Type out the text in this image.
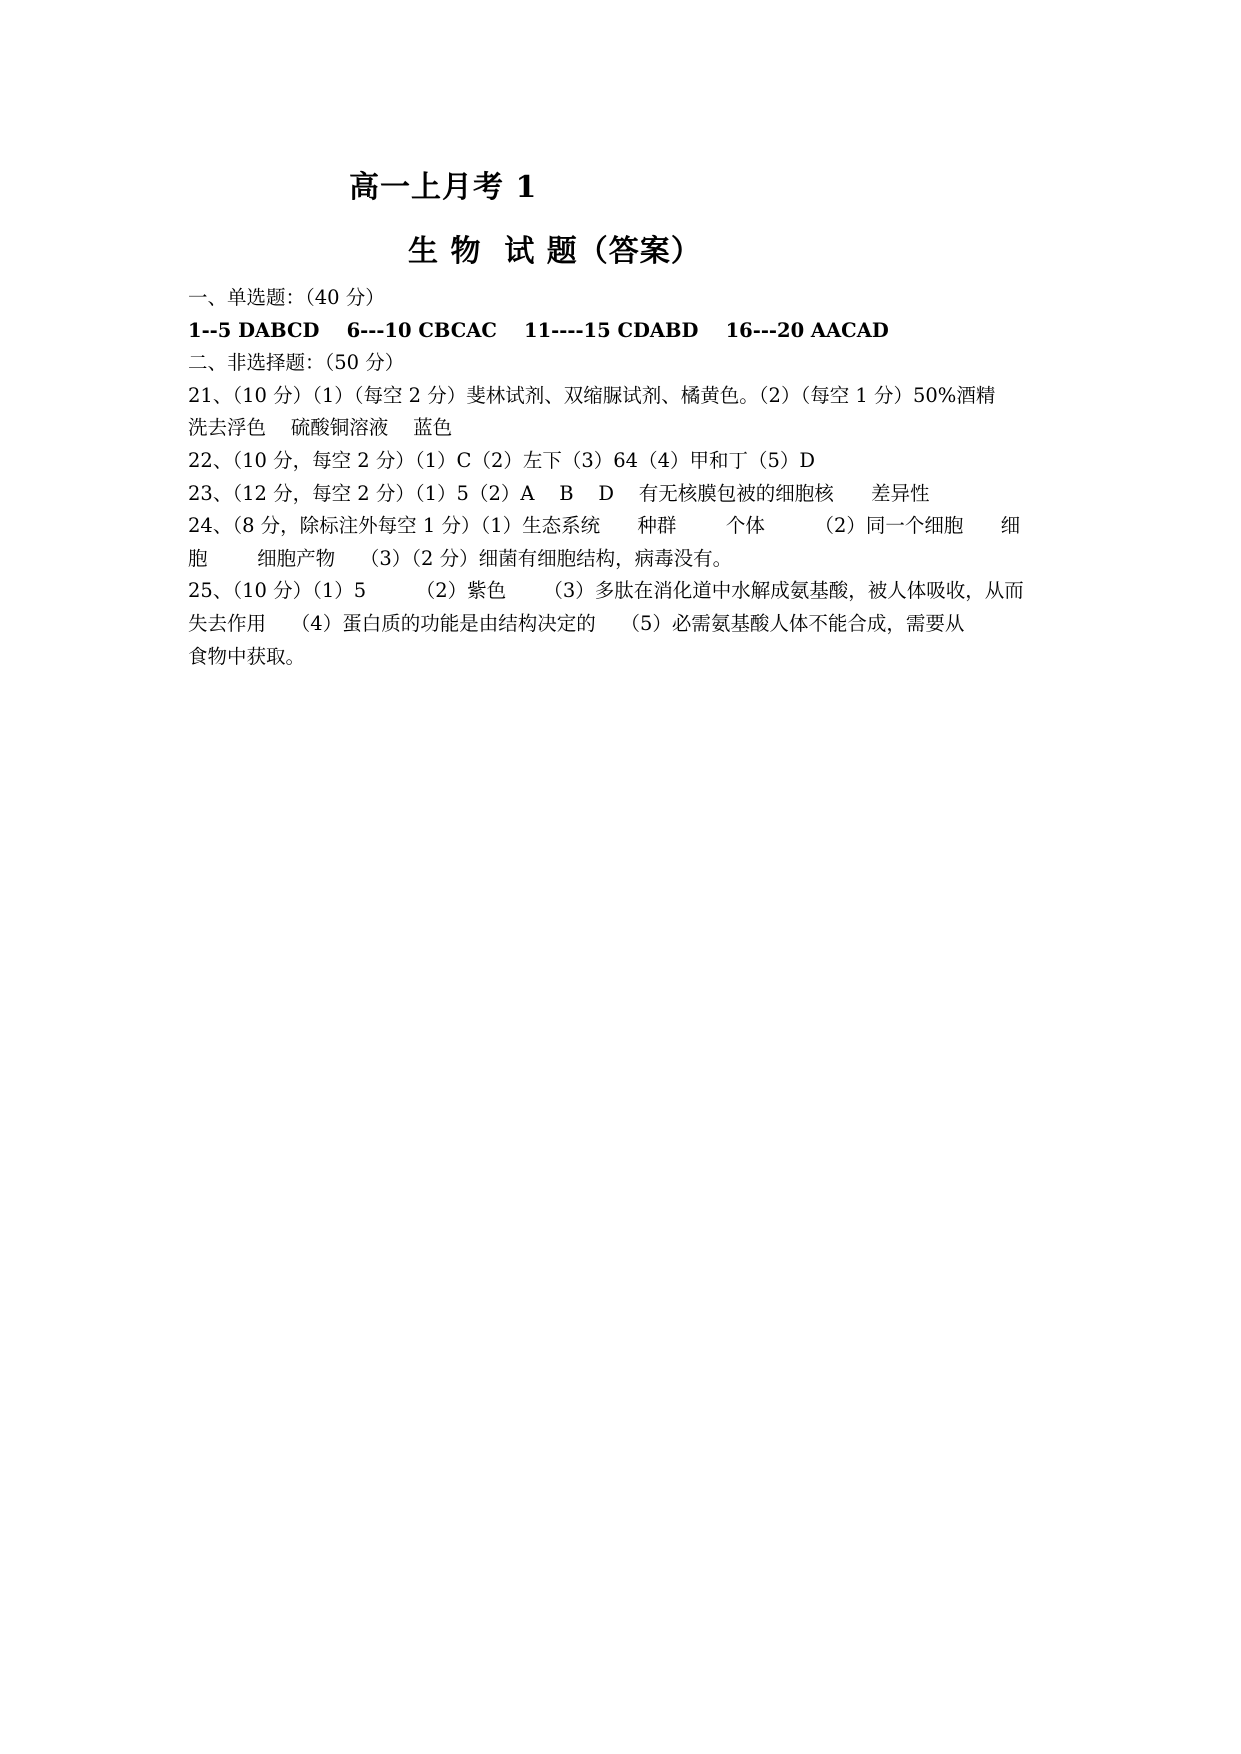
高一上月考 1
生 物  试 题（答案）
一、单选题：（40 分）
1--5 DABCD    6---10 CBCAC    11----15 CDABD    16---20 AACAD
二、非选择题：（50 分）
21、（10 分）（1）（每空 2 分）斐林试剂、双缩脲试剂、橘黄色。（2）（每空 1 分）50%酒精
洗去浮色    硫酸铜溶液    蓝色
22、（10 分，每空 2 分）（1）C（2）左下（3）64（4）甲和丁（5）D
23、（12 分，每空 2 分）（1）5（2）A    B    D    有无核膜包被的细胞核      差异性
24、（8 分，除标注外每空 1 分）（1）生态系统      种群        个体        （2）同一个细胞      细
胞        细胞产物    （3）（2 分）细菌有细胞结构，病毒没有。
25、（10 分）（1）5        （2）紫色      （3）多肽在消化道中水解成氨基酸，被人体吸收，从而
失去作用    （4）蛋白质的功能是由结构决定的    （5）必需氨基酸人体不能合成，需要从
食物中获取。
